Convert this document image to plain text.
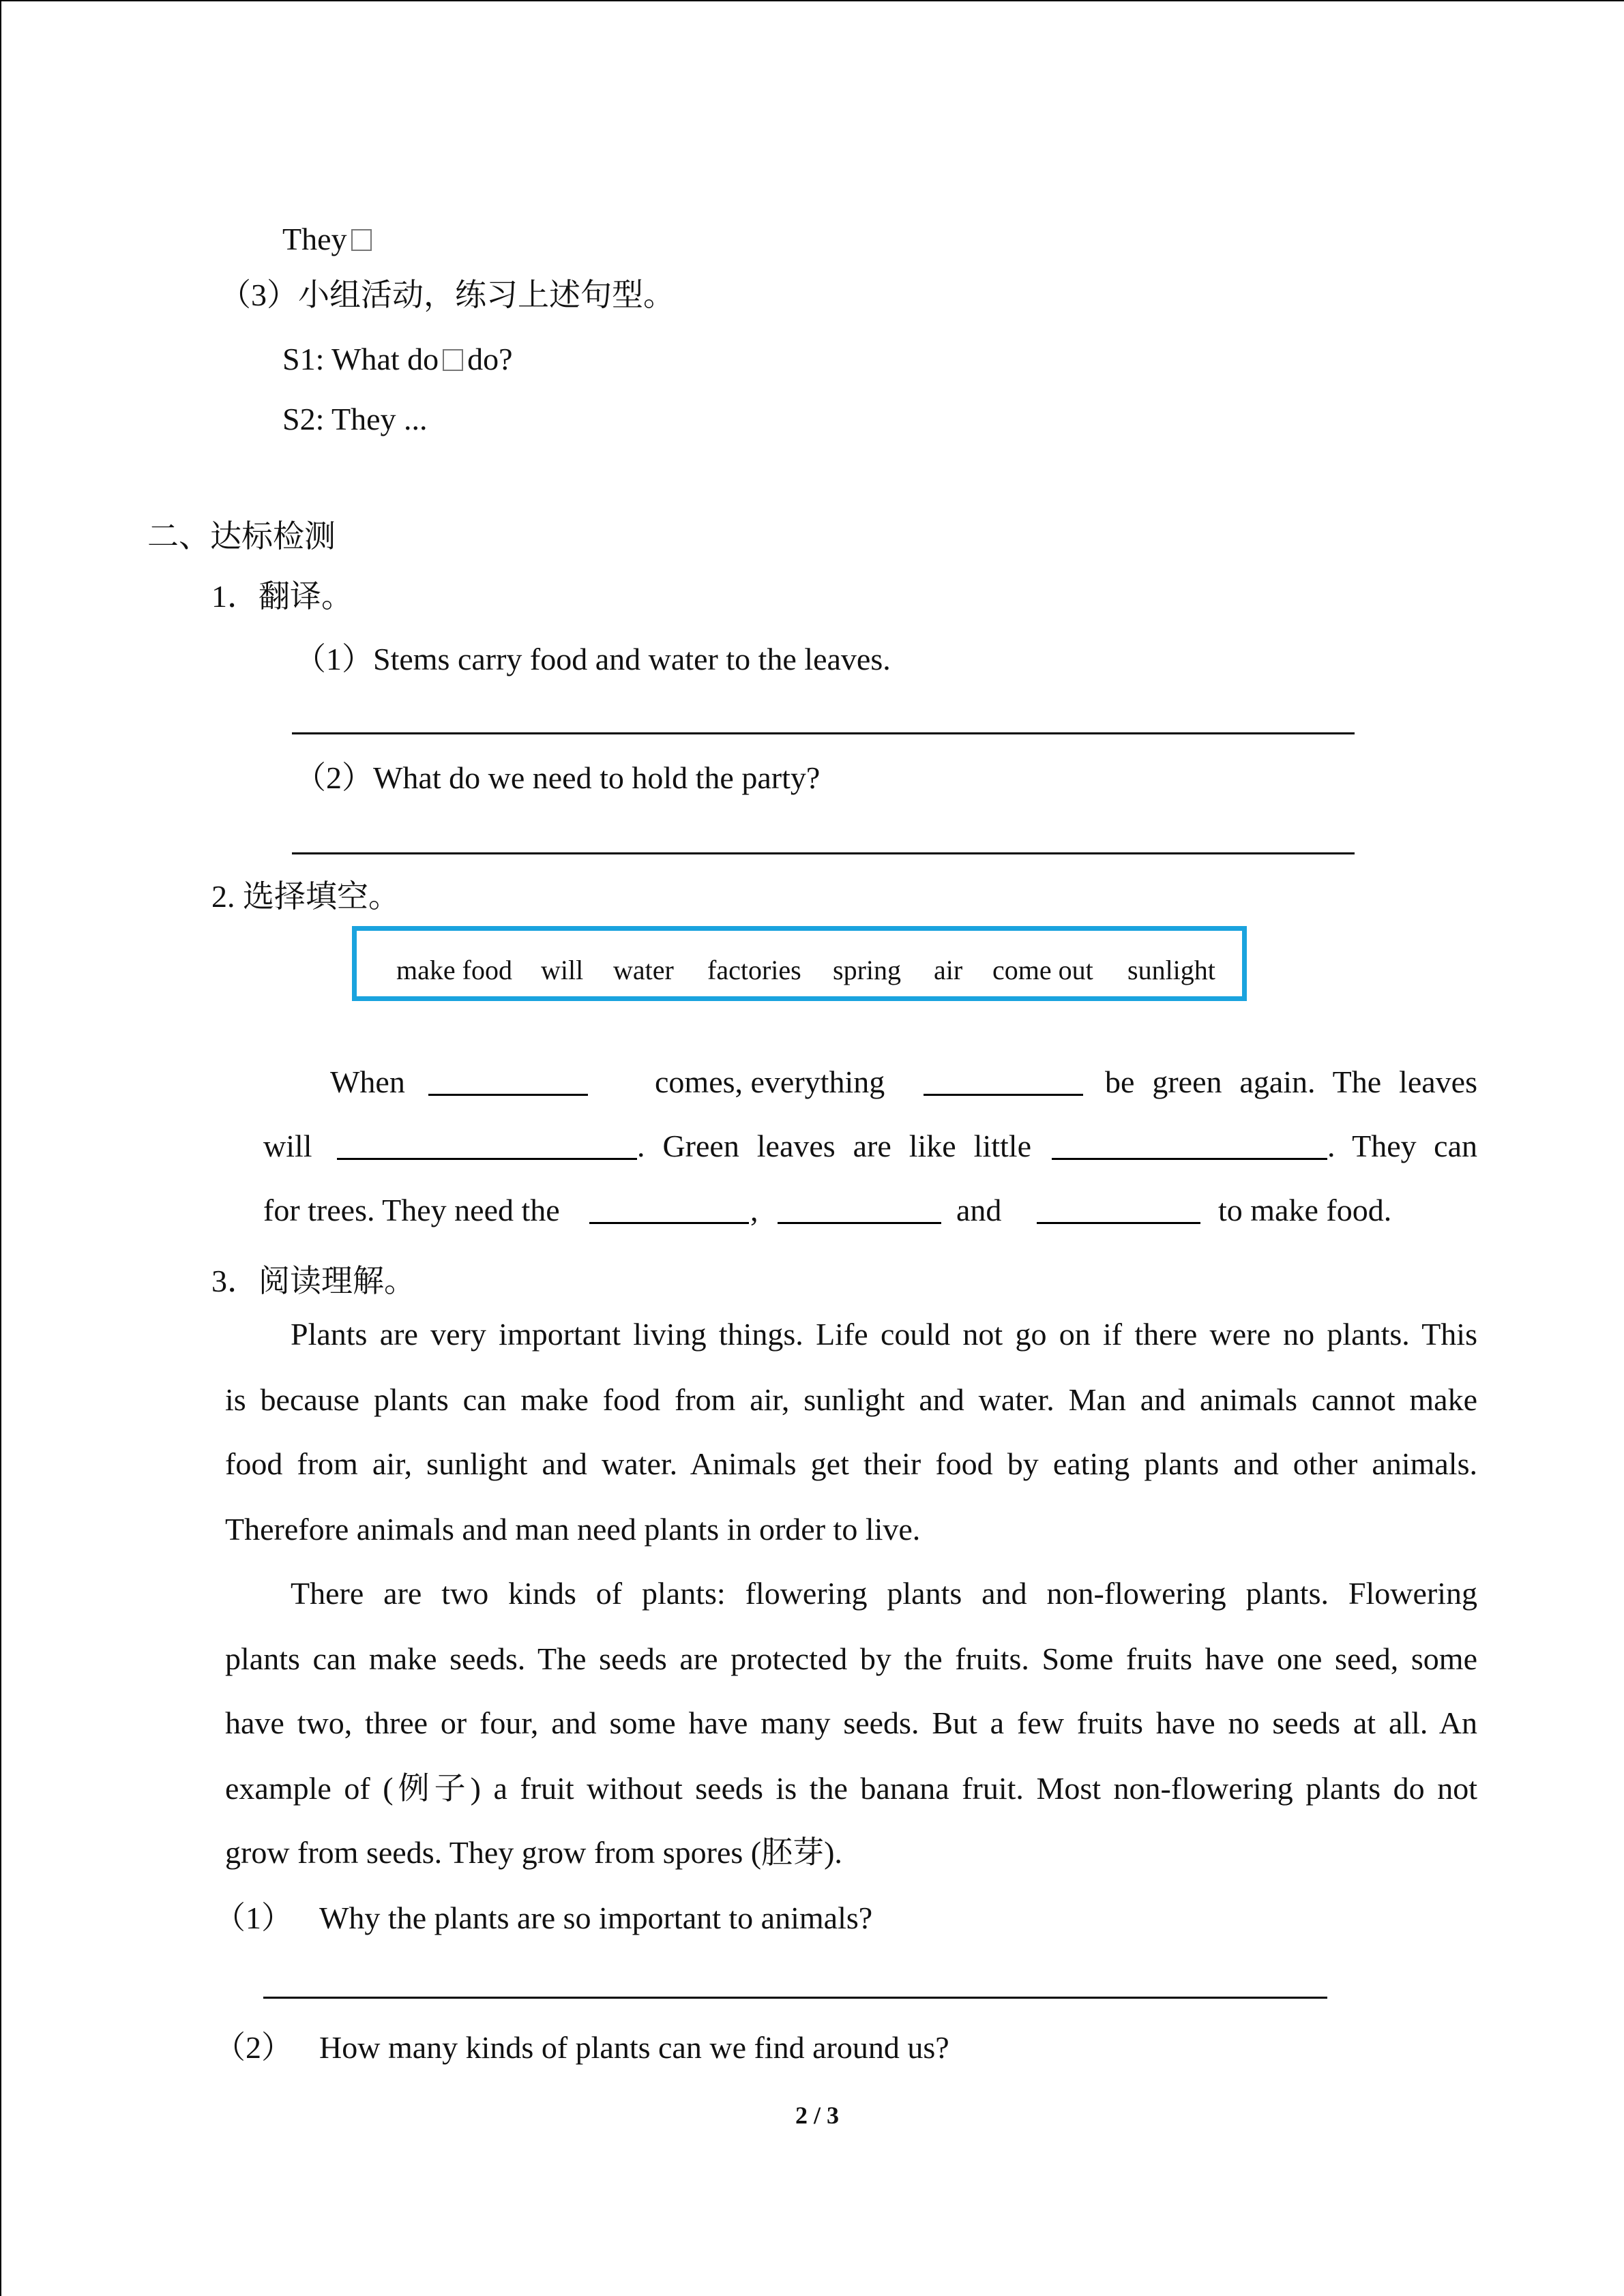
They
（3）小组活动，练习上述句型。
S1: What do do?
S2: They ...
二、达标检测
1．翻译。
（1）Stems carry food and water to the leaves.
（2）What do we need to hold the party?
2. 选择填空。
make food will water factories spring air come out sunlight
When	comes, everything	be green again. The leaves
will	. Green leaves are like little	. They can
for trees. They need the	,	and	to make food.
3．阅读理解。
Plants are very important living things. Life could not go on if there were no plants. This
is because plants can make food from air, sunlight and water. Man and animals cannot make
food from air, sunlight and water. Animals get their food by eating plants and other animals.
Therefore animals and man need plants in order to live.
There are two kinds of plants: flowering plants and non-flowering plants. Flowering
plants can make seeds. The seeds are protected by the fruits. Some fruits have one seed, some
have two, three or four, and some have many seeds. But a few fruits have no seeds at all. An
example of (例子) a fruit without seeds is the banana fruit. Most non-flowering plants do not
grow from seeds. They grow from spores (胚芽).
（1） Why the plants are so important to animals?
（2） How many kinds of plants can we find around us?
2 / 3
